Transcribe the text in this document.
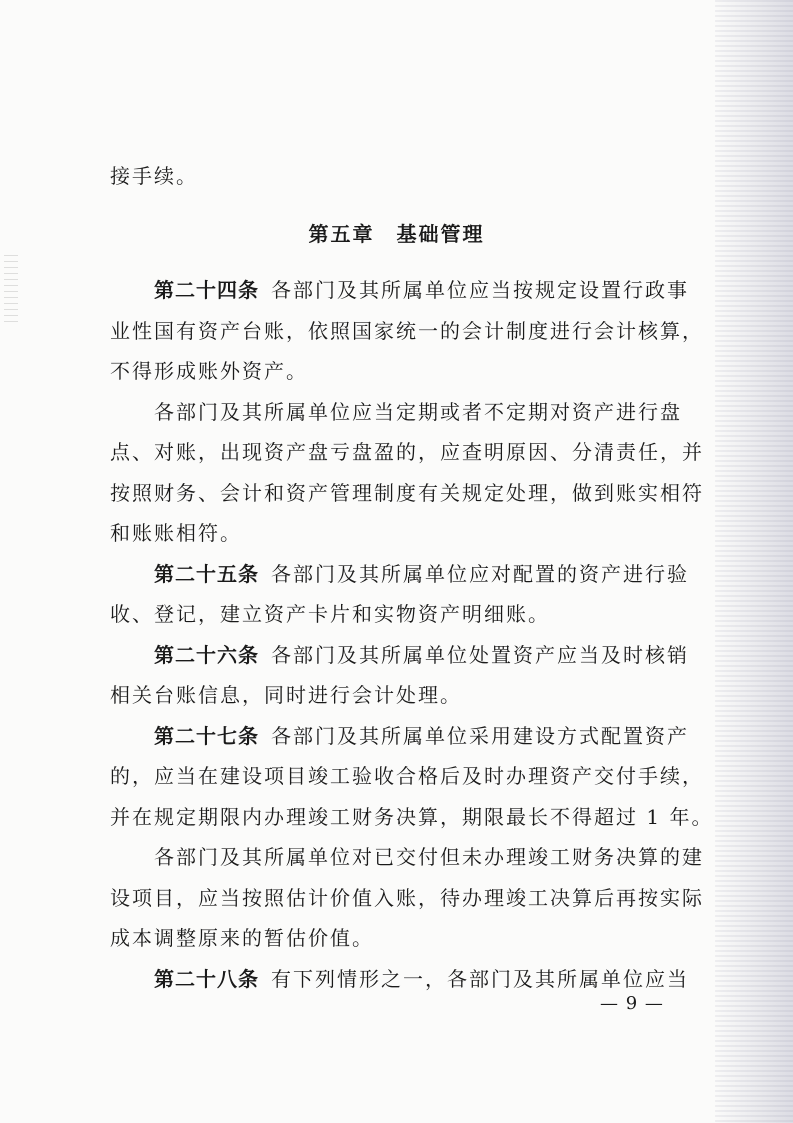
接手续。
第五章　基础管理
第二十四条 各部门及其所属单位应当按规定设置行政事
业性国有资产台账，依照国家统一的会计制度进行会计核算，
不得形成账外资产。
各部门及其所属单位应当定期或者不定期对资产进行盘
点、对账，出现资产盘亏盘盈的，应查明原因、分清责任，并
按照财务、会计和资产管理制度有关规定处理，做到账实相符
和账账相符。
第二十五条 各部门及其所属单位应对配置的资产进行验
收、登记，建立资产卡片和实物资产明细账。
第二十六条 各部门及其所属单位处置资产应当及时核销
相关台账信息，同时进行会计处理。
第二十七条 各部门及其所属单位采用建设方式配置资产
的，应当在建设项目竣工验收合格后及时办理资产交付手续，
并在规定期限内办理竣工财务决算，期限最长不得超过 1 年。
各部门及其所属单位对已交付但未办理竣工财务决算的建
设项目，应当按照估计价值入账，待办理竣工决算后再按实际
成本调整原来的暂估价值。
第二十八条 有下列情形之一，各部门及其所属单位应当
— 9 —
